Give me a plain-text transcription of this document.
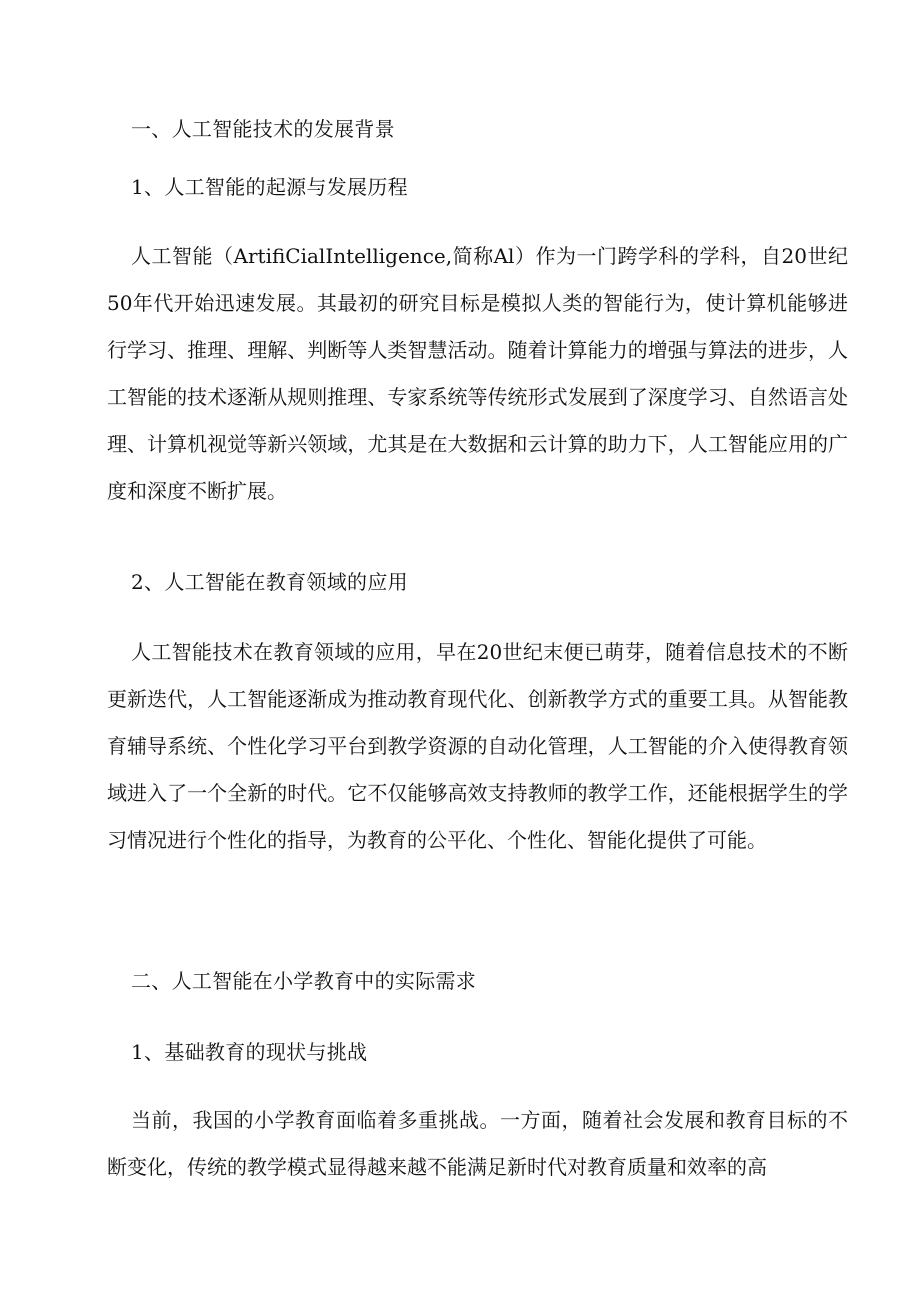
一、人工智能技术的发展背景
1、人工智能的起源与发展历程

人工智能（ArtifiCialIntelligence,简称Al）作为一门跨学科的学科，自20世纪50年代开始迅速发展。其最初的研究目标是模拟人类的智能行为，使计算机能够进行学习、推理、理解、判断等人类智慧活动。随着计算能力的增强与算法的进步，人工智能的技术逐渐从规则推理、专家系统等传统形式发展到了深度学习、自然语言处理、计算机视觉等新兴领域，尤其是在大数据和云计算的助力下，人工智能应用的广度和深度不断扩展。

2、人工智能在教育领域的应用

人工智能技术在教育领域的应用，早在20世纪末便已萌芽，随着信息技术的不断更新迭代，人工智能逐渐成为推动教育现代化、创新教学方式的重要工具。从智能教育辅导系统、个性化学习平台到教学资源的自动化管理，人工智能的介入使得教育领域进入了一个全新的时代。它不仅能够高效支持教师的教学工作，还能根据学生的学习情况进行个性化的指导，为教育的公平化、个性化、智能化提供了可能。

二、人工智能在小学教育中的实际需求
1、基础教育的现状与挑战

当前，我国的小学教育面临着多重挑战。一方面，随着社会发展和教育目标的不断变化，传统的教学模式显得越来越不能满足新时代对教育质量和效率的高
